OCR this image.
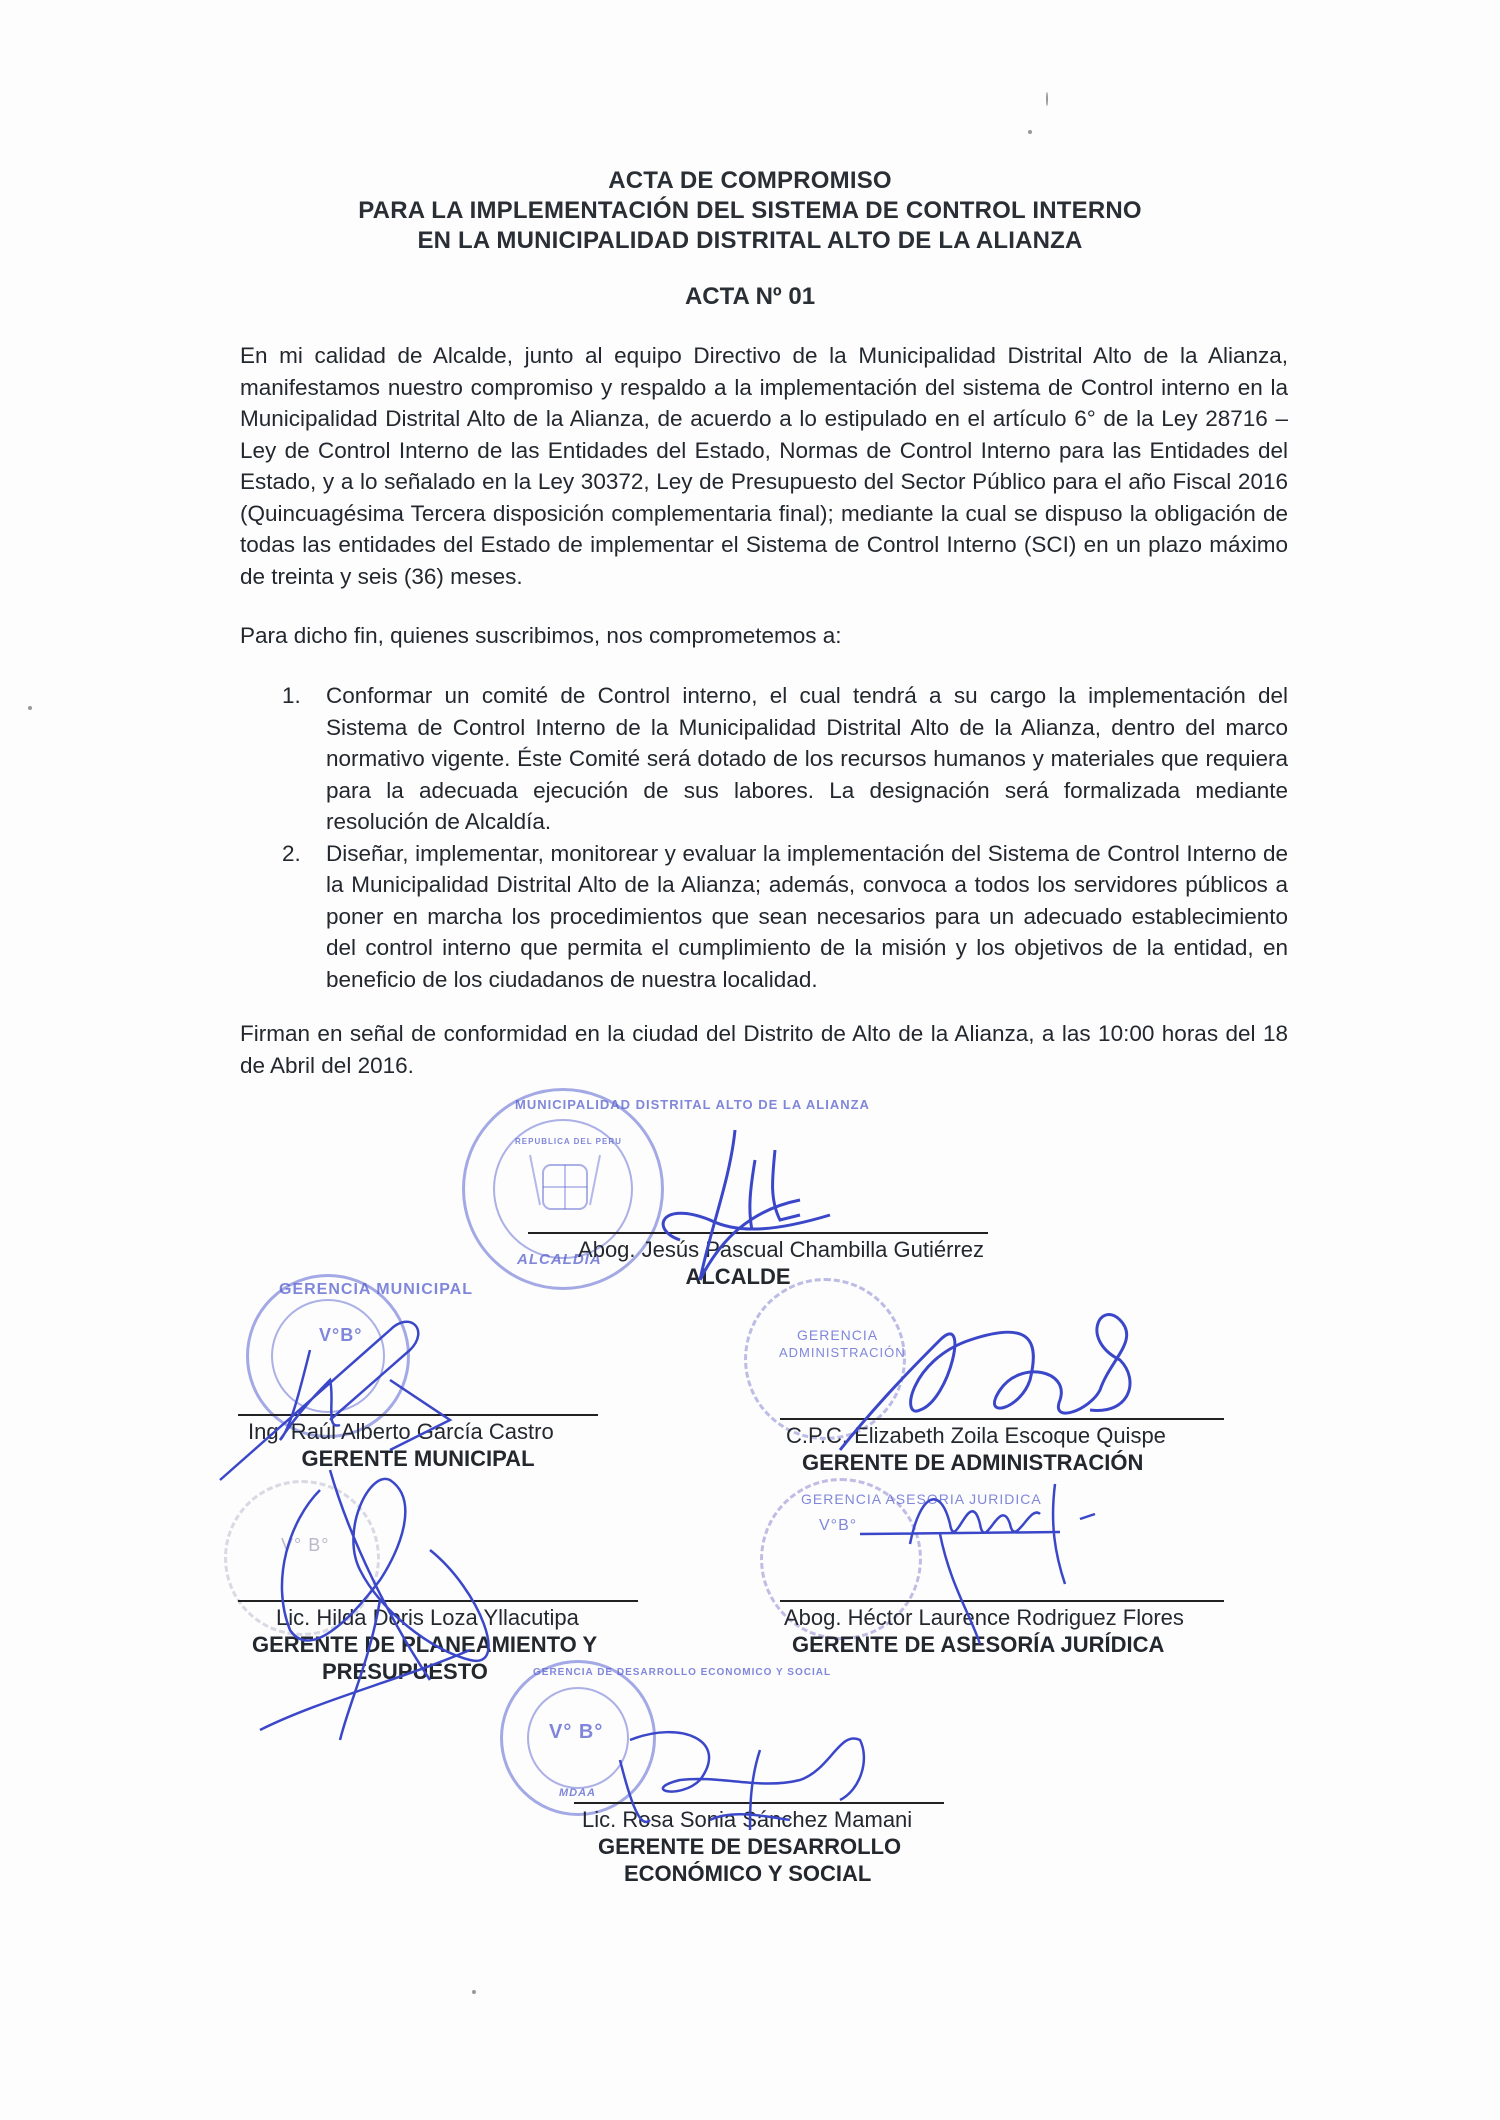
ACTA DE COMPROMISO
PARA LA IMPLEMENTACIÓN DEL SISTEMA DE CONTROL INTERNO
EN LA MUNICIPALIDAD DISTRITAL ALTO DE LA ALIANZA
ACTA Nº 01
En mi calidad de Alcalde, junto al equipo Directivo de la Municipalidad Distrital Alto de la Alianza, manifestamos nuestro compromiso y respaldo a la implementación del sistema de Control interno en la Municipalidad Distrital Alto de la Alianza, de acuerdo a lo estipulado en el artículo 6° de la Ley 28716 – Ley de Control Interno de las Entidades del Estado, Normas de Control Interno para las Entidades del Estado, y a lo señalado en la Ley 30372, Ley de Presupuesto del Sector Público para el año Fiscal 2016 (Quincuagésima Tercera disposición complementaria final); mediante la cual se dispuso la obligación de todas las entidades del Estado de implementar el Sistema de Control Interno (SCI) en un plazo máximo de treinta y seis (36) meses.
Para dicho fin, quienes suscribimos, nos comprometemos a:
1. Conformar un comité de Control interno, el cual tendrá a su cargo la implementación del Sistema de Control Interno de la Municipalidad Distrital Alto de la Alianza, dentro del marco normativo vigente. Éste Comité será dotado de los recursos humanos y materiales que requiera para la adecuada ejecución de sus labores. La designación será formalizada mediante resolución de Alcaldía.
2. Diseñar, implementar, monitorear y evaluar la implementación del Sistema de Control Interno de la Municipalidad Distrital Alto de la Alianza; además, convoca a todos los servidores públicos a poner en marcha los procedimientos que sean necesarios para un adecuado establecimiento del control interno que permita el cumplimiento de la misión y los objetivos de la entidad, en beneficio de los ciudadanos de nuestra localidad.
Firman en señal de conformidad en la ciudad del Distrito de Alto de la Alianza, a las 10:00 horas del 18 de Abril del 2016.
MUNICIPALIDAD DISTRITAL ALTO DE LA ALIANZA
ALCALDIA
REPUBLICA DEL PERU
GERENCIA MUNICIPAL
V°B°	GERENCIA
ADMINISTRACIÓN
V° B°
GERENCIA ASESORIA JURIDICA
V°B°
GERENCIA DE DESARROLLO ECONOMICO Y SOCIAL
V° B°
MDAA
Abog. Jesús Pascual Chambilla Gutiérrez
ALCALDE
Ing. Raúl Alberto García Castro
GERENTE MUNICIPAL
C.P.C. Elizabeth Zoila Escoque Quispe
GERENTE DE ADMINISTRACIÓN
Lic. Hilda Doris Loza Yllacutipa
GERENTE DE PLANEAMIENTO Y
PRESUPUESTO
Abog. Héctor Laurence Rodriguez Flores
GERENTE DE ASESORÍA JURÍDICA
Lic. Rosa Sonia Sánchez Mamani
GERENTE DE DESARROLLO
ECONÓMICO Y SOCIAL
